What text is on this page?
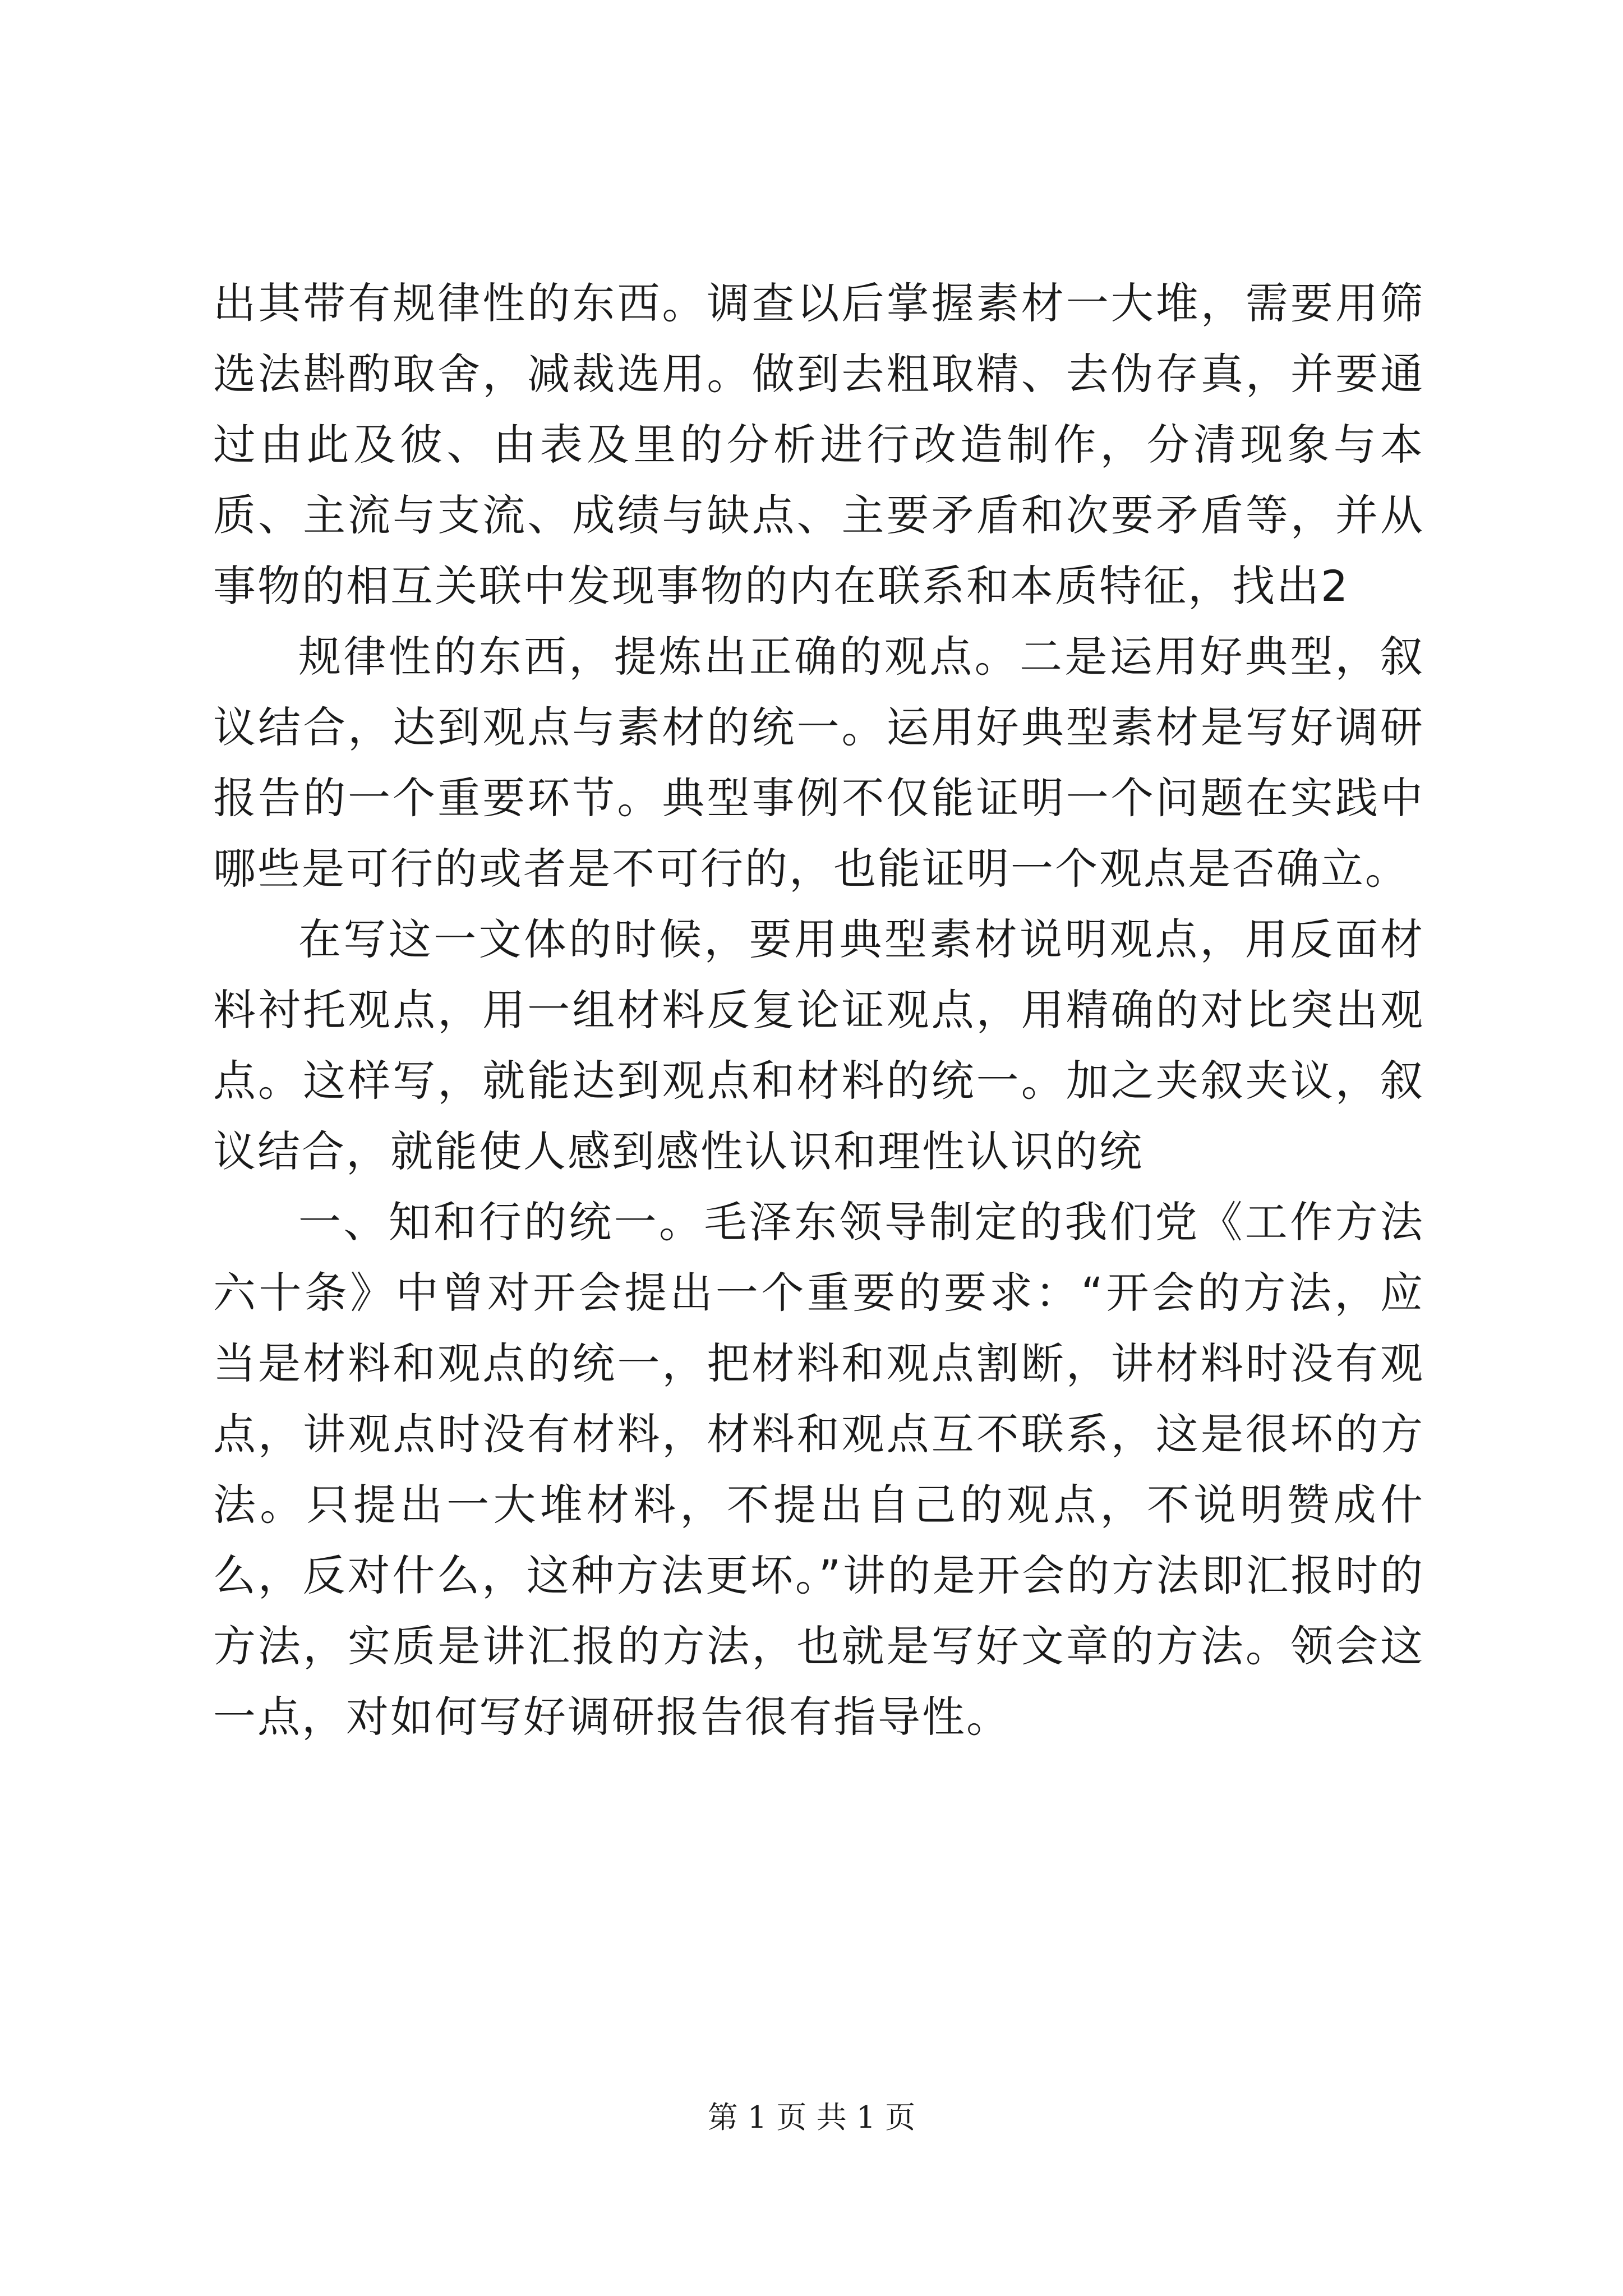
出其带有规律性的东西。调查以后掌握素材一大堆，需要用筛选法斟酌取舍，减裁选用。做到去粗取精、去伪存真，并要通过由此及彼、由表及里的分析进行改造制作，分清现象与本质、主流与支流、成绩与缺点、主要矛盾和次要矛盾等，并从事物的相互关联中发现事物的内在联系和本质特征，找出2

规律性的东西，提炼出正确的观点。二是运用好典型，叙议结合，达到观点与素材的统一。运用好典型素材是写好调研报告的一个重要环节。典型事例不仅能证明一个问题在实践中哪些是可行的或者是不可行的，也能证明一个观点是否确立。

在写这一文体的时候，要用典型素材说明观点，用反面材料衬托观点，用一组材料反复论证观点，用精确的对比突出观点。这样写，就能达到观点和材料的统一。加之夹叙夹议，叙议结合，就能使人感到感性认识和理性认识的统

一、知和行的统一。毛泽东领导制定的我们党《工作方法六十条》中曾对开会提出一个重要的要求：“开会的方法，应当是材料和观点的统一，把材料和观点割断，讲材料时没有观点，讲观点时没有材料，材料和观点互不联系，这是很坏的方法。只提出一大堆材料，不提出自己的观点，不说明赞成什么，反对什么，这种方法更坏。”讲的是开会的方法即汇报时的方法，实质是讲汇报的方法，也就是写好文章的方法。领会这一点，对如何写好调研报告很有指导性。

第 1 页 共 1 页
